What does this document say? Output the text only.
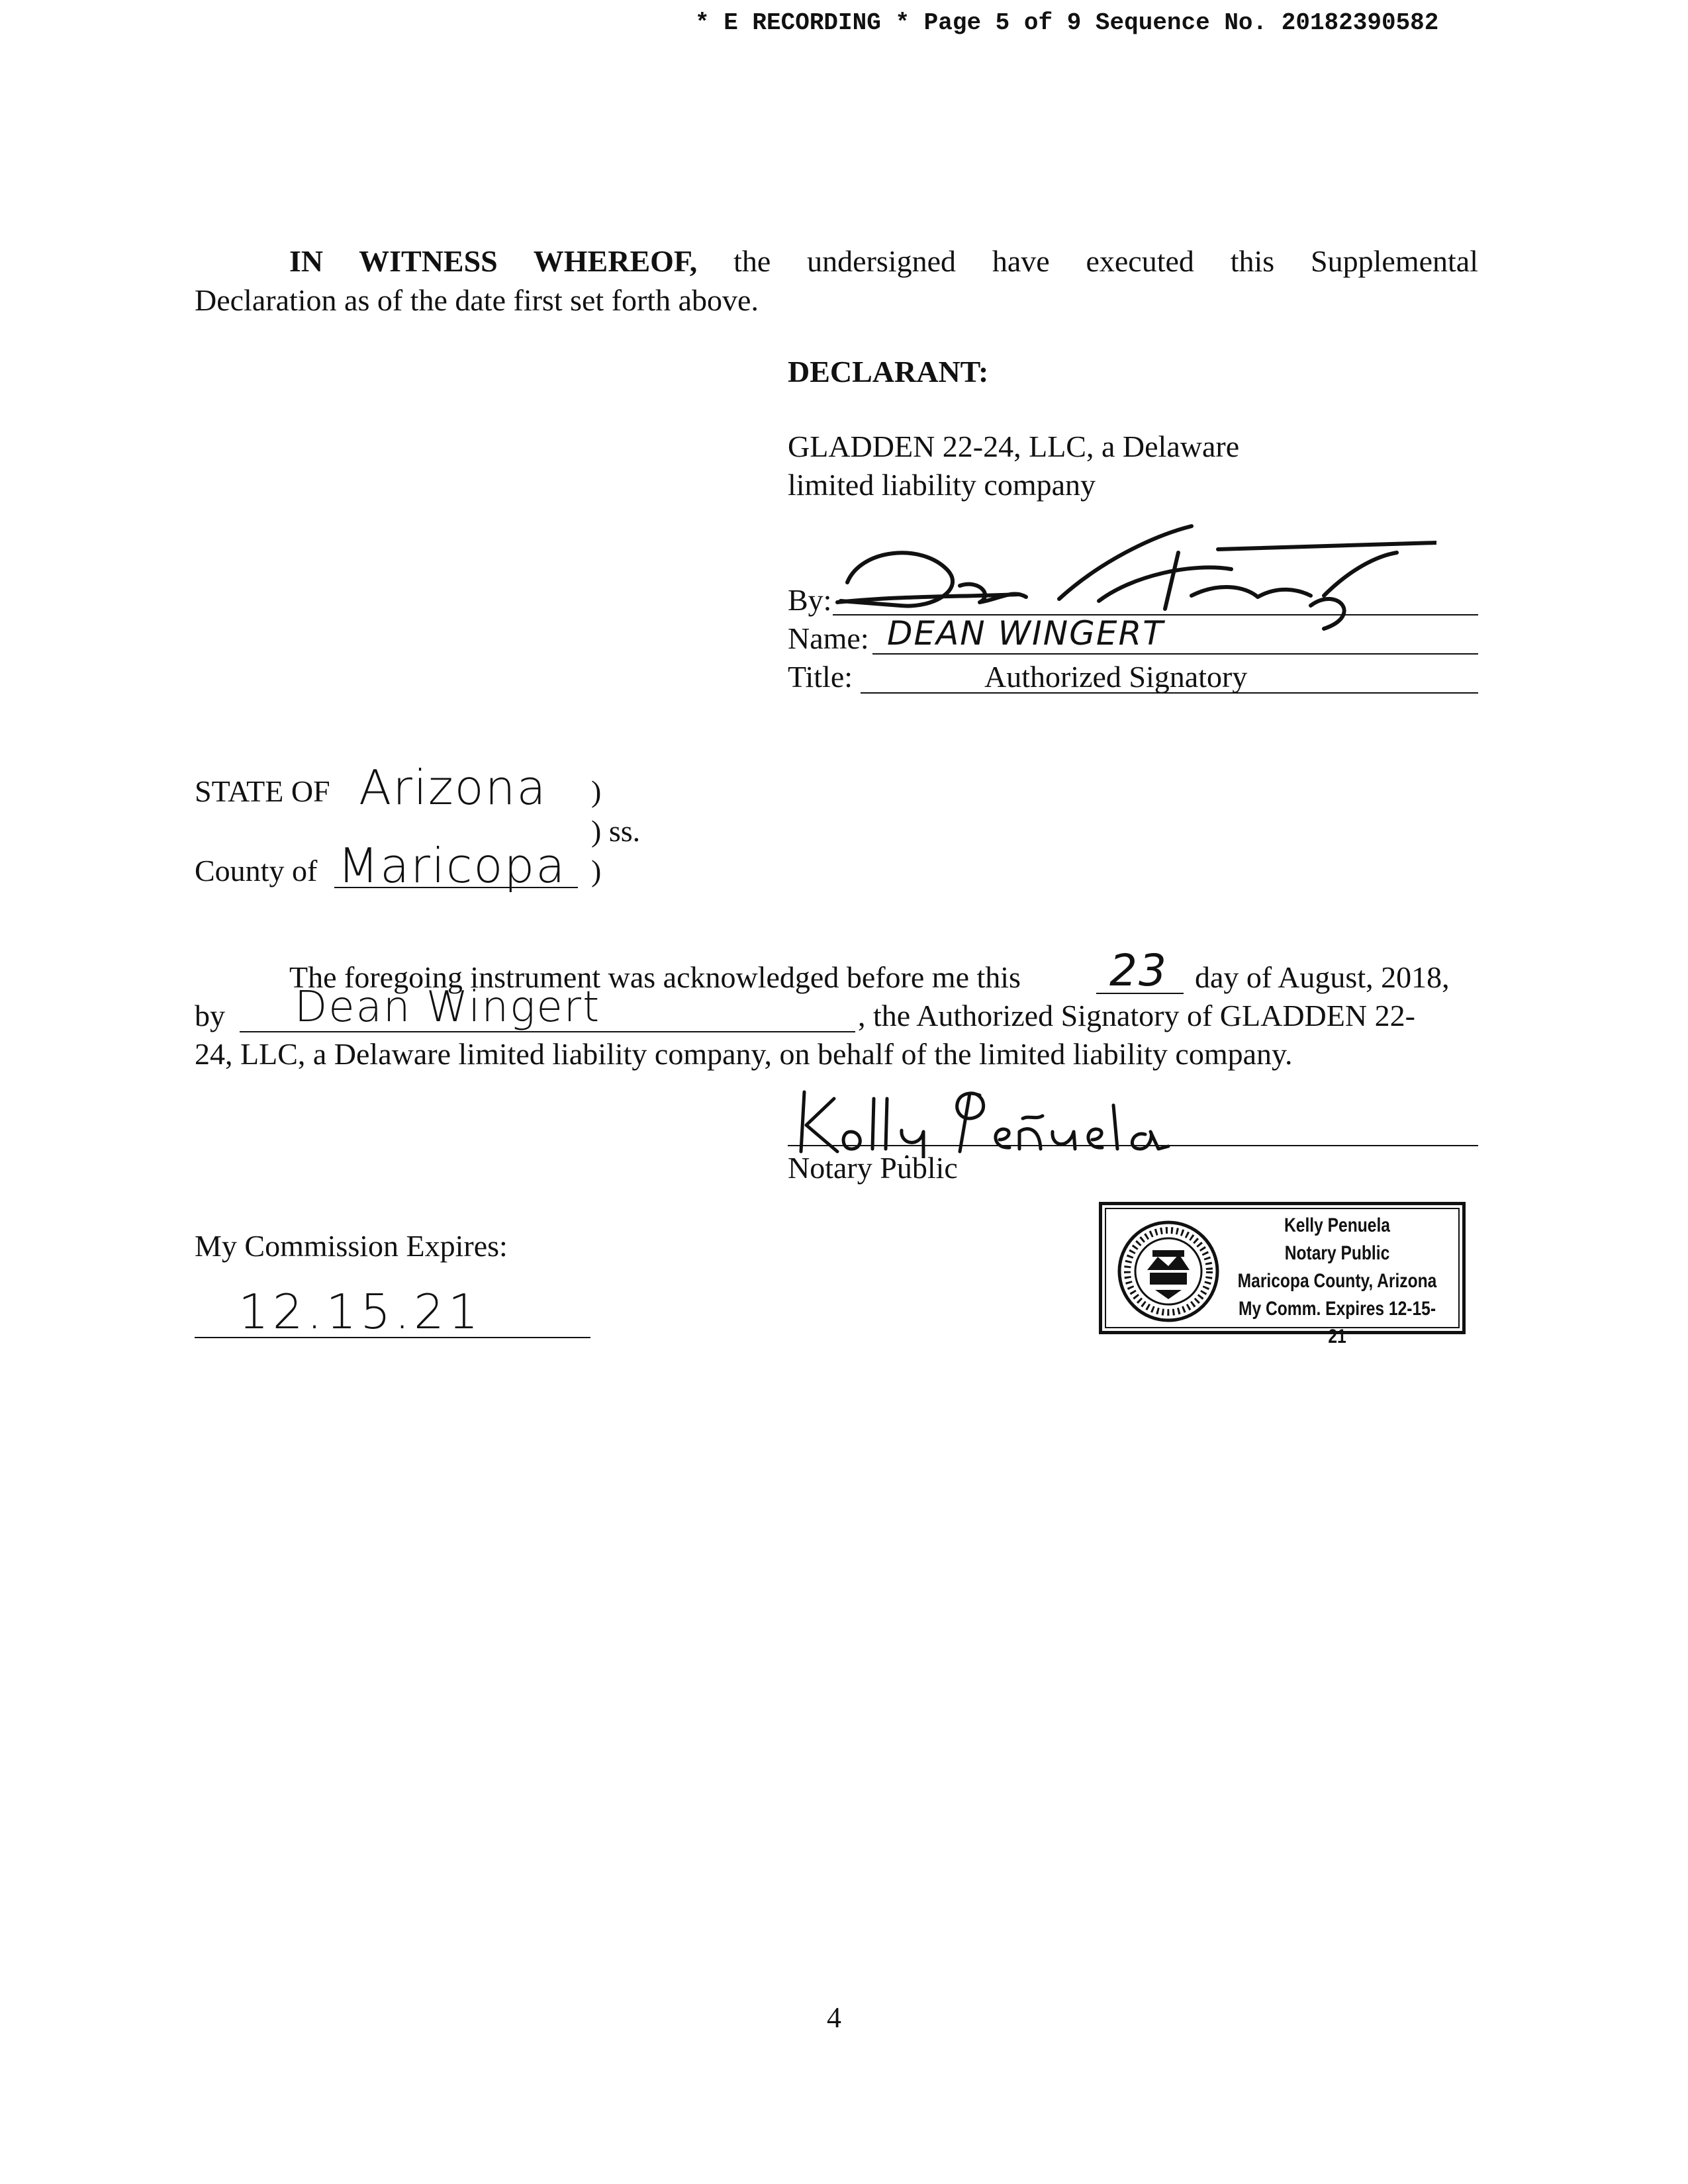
* E RECORDING * Page 5 of 9 Sequence No. 20182390582
IN WITNESS WHEREOF, the undersigned have executed this Supplemental
Declaration as of the date first set forth above.
DECLARANT:
GLADDEN 22-24, LLC, a Delaware
limited liability company
By:
Name: DEAN WINGERT
Title:	Authorized Signatory
STATE OF Arizona )
) ss.
County of Maricopa )
The foregoing instrument was acknowledged before me this 23 day of August, 2018,
by Dean Wingert	, the Authorized Signatory of GLADDEN 22-
24, LLC, a Delaware limited liability company, on behalf of the limited liability company.
Notary Public
My Commission Expires:
12.15.21
Kelly Penuela
Notary Public
Maricopa County, Arizona
My Comm. Expires 12-15-21
4
